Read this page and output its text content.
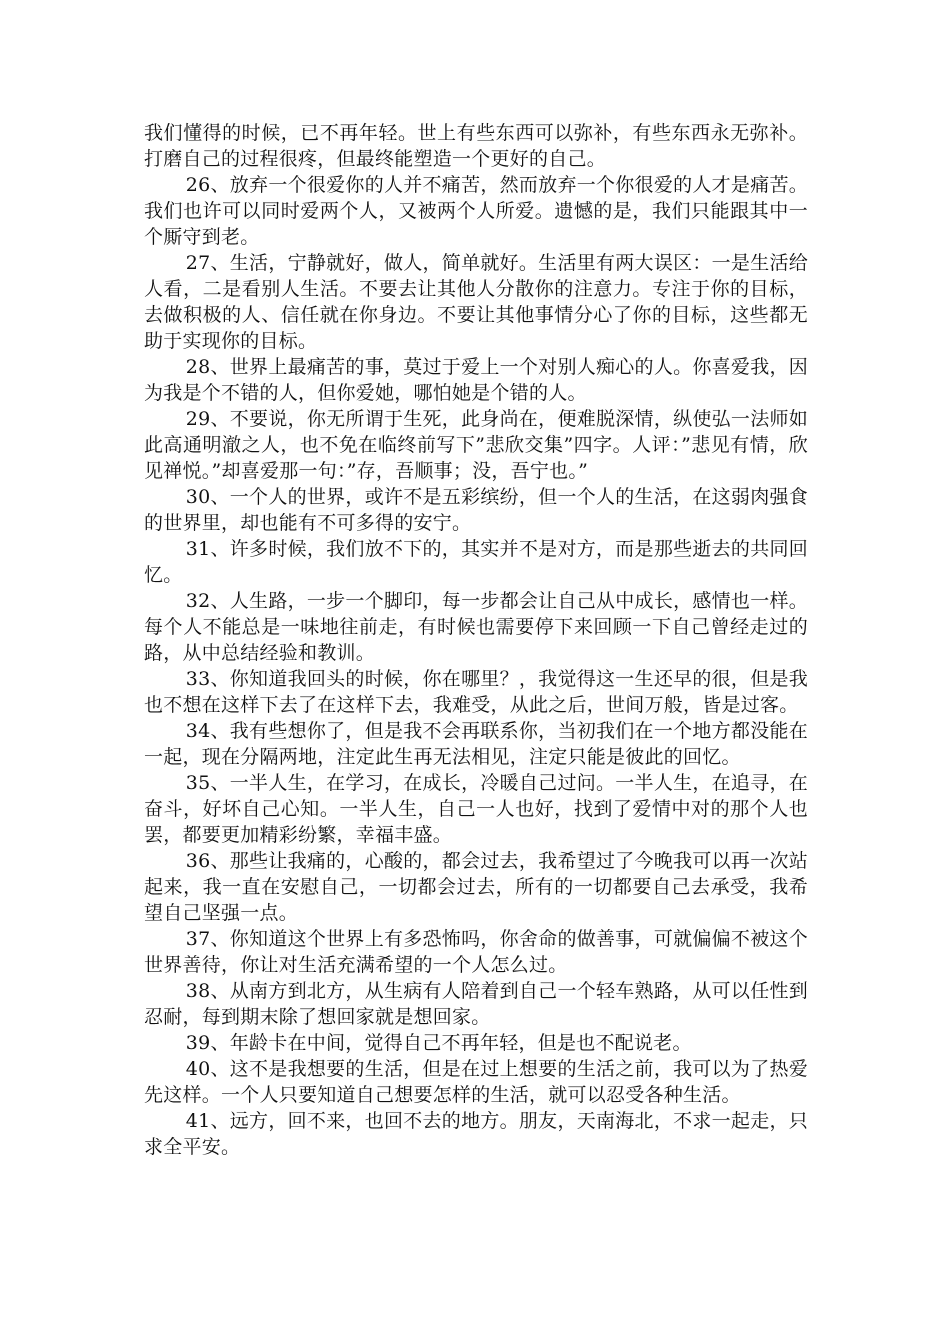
我们懂得的时候，已不再年轻。世上有些东西可以弥补，有些东西永无弥补。打磨自己的过程很疼，但最终能塑造一个更好的自己。

26、放弃一个很爱你的人并不痛苦，然而放弃一个你很爱的人才是痛苦。我们也许可以同时爱两个人，又被两个人所爱。遗憾的是，我们只能跟其中一个厮守到老。

27、生活，宁静就好，做人，简单就好。生活里有两大误区：一是生活给人看，二是看别人生活。不要去让其他人分散你的注意力。专注于你的目标，去做积极的人、信任就在你身边。不要让其他事情分心了你的目标，这些都无助于实现你的目标。

28、世界上最痛苦的事，莫过于爱上一个对别人痴心的人。你喜爱我，因为我是个不错的人，但你爱她，哪怕她是个错的人。

29、不要说，你无所谓于生死，此身尚在，便难脱深情，纵使弘一法师如此高通明澈之人，也不免在临终前写下”悲欣交集”四字。人评：”悲见有情，欣见禅悦。”却喜爱那一句：”存，吾顺事；没，吾宁也。”

30、一个人的世界，或许不是五彩缤纷，但一个人的生活，在这弱肉强食的世界里，却也能有不可多得的安宁。

31、许多时候，我们放不下的，其实并不是对方，而是那些逝去的共同回忆。

32、人生路，一步一个脚印，每一步都会让自己从中成长，感情也一样。每个人不能总是一味地往前走，有时候也需要停下来回顾一下自己曾经走过的路，从中总结经验和教训。

33、你知道我回头的时候，你在哪里？，我觉得这一生还早的很，但是我也不想在这样下去了在这样下去，我难受，从此之后，世间万般，皆是过客。

34、我有些想你了，但是我不会再联系你，当初我们在一个地方都没能在一起，现在分隔两地，注定此生再无法相见，注定只能是彼此的回忆。

35、一半人生，在学习，在成长，冷暖自己过问。一半人生，在追寻，在奋斗，好坏自己心知。一半人生，自己一人也好，找到了爱情中对的那个人也罢，都要更加精彩纷繁，幸福丰盛。

36、那些让我痛的，心酸的，都会过去，我希望过了今晚我可以再一次站起来，我一直在安慰自己，一切都会过去，所有的一切都要自己去承受，我希望自己坚强一点。

37、你知道这个世界上有多恐怖吗，你舍命的做善事，可就偏偏不被这个世界善待，你让对生活充满希望的一个人怎么过。

38、从南方到北方，从生病有人陪着到自己一个轻车熟路，从可以任性到忍耐，每到期末除了想回家就是想回家。

39、年龄卡在中间，觉得自己不再年轻，但是也不配说老。

40、这不是我想要的生活，但是在过上想要的生活之前，我可以为了热爱先这样。一个人只要知道自己想要怎样的生活，就可以忍受各种生活。

41、远方，回不来，也回不去的地方。朋友，天南海北，不求一起走，只求全平安。
